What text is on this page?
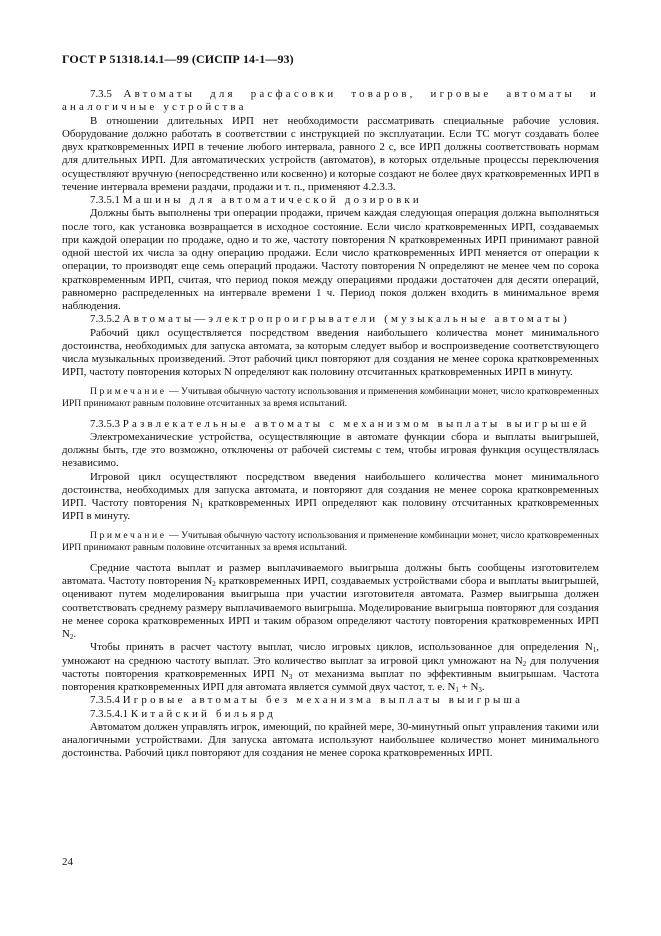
ГОСТ Р 51318.14.1—99 (СИСПР 14-1—93)

7.3.5 Автоматы для расфасовки товаров, игровые автоматы и аналогичные устройства

В отношении длительных ИРП нет необходимости рассматривать специальные рабочие условия. Оборудование должно работать в соответствии с инструкцией по эксплуатации. Если ТС могут создавать более двух кратковременных ИРП в течение любого интервала, равного 2 с, все ИРП должны соответствовать нормам для длительных ИРП. Для автоматических устройств (автоматов), в которых отдельные процессы переключения осуществляют вручную (непосредственно или косвенно) и которые создают не более двух кратковременных ИРП в течение интервала времени раздачи, продажи и т. п., применяют 4.2.3.3.

7.3.5.1 Машины для автоматической дозировки

Должны быть выполнены три операции продажи, причем каждая следующая операция должна выполняться после того, как установка возвращается в исходное состояние. Если число кратковременных ИРП, создаваемых при каждой операции по продаже, одно и то же, частоту повторения N кратковременных ИРП принимают равной одной шестой их числа за одну операцию продажи. Если число кратковременных ИРП меняется от операции к операции, то производят еще семь операций продажи. Частоту повторения N определяют не менее чем по сорока кратковременным ИРП, считая, что период покоя между операциями продажи достаточен для десяти операций, равномерно распределенных на интервале времени 1 ч. Период покоя должен входить в минимальное время наблюдения.

7.3.5.2 Автоматы—электропроигрыватели (музыкальные автоматы)

Рабочий цикл осуществляется посредством введения наибольшего количества монет минимального достоинства, необходимых для запуска автомата, за которым следует выбор и воспроизведение соответствующего числа музыкальных произведений. Этот рабочий цикл повторяют для создания не менее сорока кратковременных ИРП, частоту повторения которых N определяют как половину отсчитанных кратковременных ИРП в минуту.

Примечание — Учитывая обычную частоту использования и применения комбинации монет, число кратковременных ИРП принимают равным половине отсчитанных за время испытаний.

7.3.5.3 Развлекательные автоматы с механизмом выплаты выигрышей

Электромеханические устройства, осуществляющие в автомате функции сбора и выплаты выигрышей, должны быть, где это возможно, отключены от рабочей системы с тем, чтобы игровая функция осуществлялась независимо.

Игровой цикл осуществляют посредством введения наибольшего количества монет минимального достоинства, необходимых для запуска автомата, и повторяют для создания не менее сорока кратковременных ИРП. Частоту повторения $N_1$ кратковременных ИРП определяют как половину отсчитанных кратковременных ИРП в минуту.

Примечание — Учитывая обычную частоту использования и применение комбинации монет, число кратковременных ИРП принимают равным половине отсчитанных за время испытаний.

Средние частота выплат и размер выплачиваемого выигрыша должны быть сообщены изготовителем автомата. Частоту повторения $N_2$ кратковременных ИРП, создаваемых устройствами сбора и выплаты выигрышей, оценивают путем моделирования выигрыша при участии изготовителя автомата. Размер выигрыша должен соответствовать среднему размеру выплачиваемого выигрыша. Моделирование выигрыша повторяют для создания не менее сорока кратковременных ИРП и таким образом определяют частоту повторения кратковременных ИРП $N_2$.

Чтобы принять в расчет частоту выплат, число игровых циклов, использованное для определения $N_1$, умножают на среднюю частоту выплат. Это количество выплат за игровой цикл умножают на $N_2$ для получения частоты повторения кратковременных ИРП $N_3$ от механизма выплат по эффективным выигрышам. Частота повторения кратковременных ИРП для автомата является суммой двух частот, т. е. $N_1 + N_3$.

7.3.5.4 Игровые автоматы без механизма выплаты выигрыша

7.3.5.4.1 Китайский бильярд

Автоматом должен управлять игрок, имеющий, по крайней мере, 30-минутный опыт управления такими или аналогичными устройствами. Для запуска автомата используют наибольшее количество монет минимального достоинства. Рабочий цикл повторяют для создания не менее сорока кратковременных ИРП.

24
